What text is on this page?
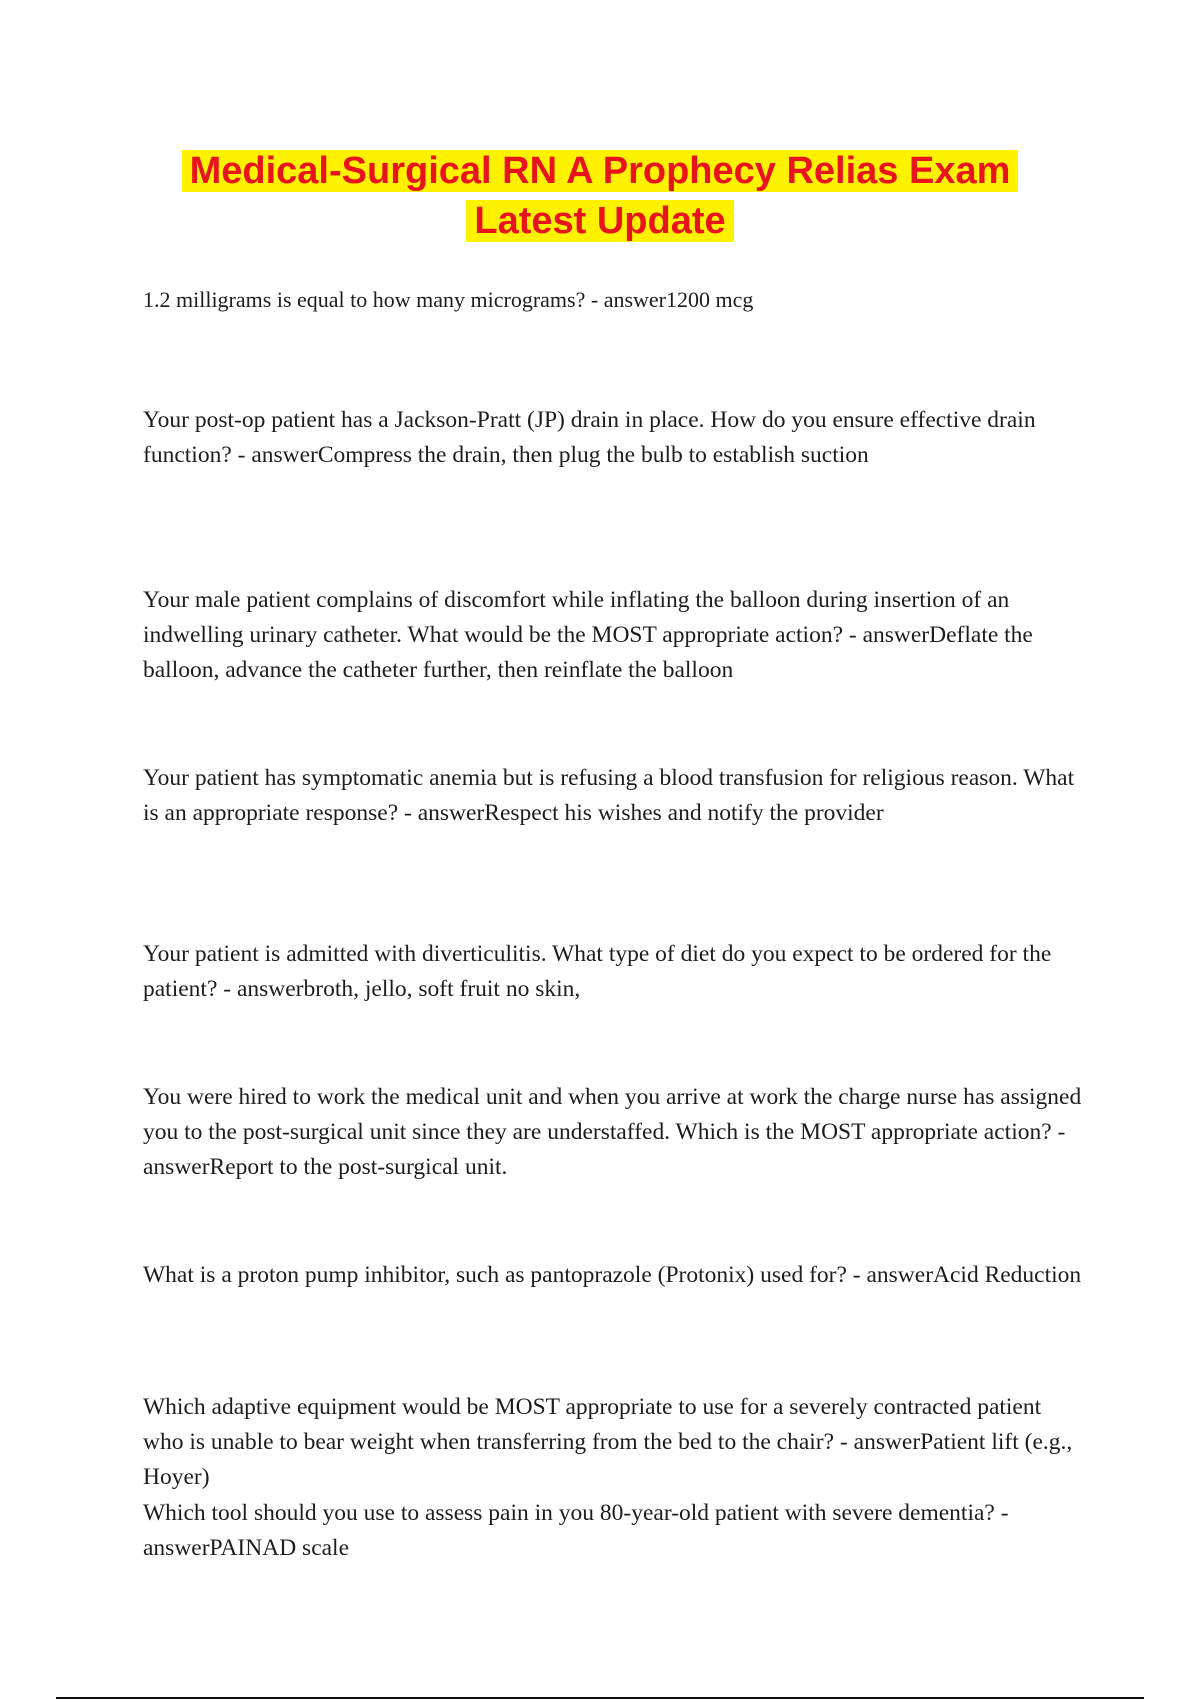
Medical-Surgical RN A Prophecy Relias Exam
Latest Update

1.2 milligrams is equal to how many micrograms? - answer1200 mcg

Your post-op patient has a Jackson-Pratt (JP) drain in place. How do you ensure effective drain function? - answerCompress the drain, then plug the bulb to establish suction

Your male patient complains of discomfort while inflating the balloon during insertion of an indwelling urinary catheter. What would be the MOST appropriate action? - answerDeflate the balloon, advance the catheter further, then reinflate the balloon

Your patient has symptomatic anemia but is refusing a blood transfusion for religious reason. What is an appropriate response? - answerRespect his wishes and notify the provider

Your patient is admitted with diverticulitis. What type of diet do you expect to be ordered for the patient? - answerbroth, jello, soft fruit no skin,

You were hired to work the medical unit and when you arrive at work the charge nurse has assigned you to the post-surgical unit since they are understaffed. Which is the MOST appropriate action? - answerReport to the post-surgical unit.

What is a proton pump inhibitor, such as pantoprazole (Protonix) used for? - answerAcid Reduction

Which adaptive equipment would be MOST appropriate to use for a severely contracted patient who is unable to bear weight when transferring from the bed to the chair? - answerPatient lift (e.g., Hoyer)

Which tool should you use to assess pain in you 80-year-old patient with severe dementia? - answerPAINAD scale
